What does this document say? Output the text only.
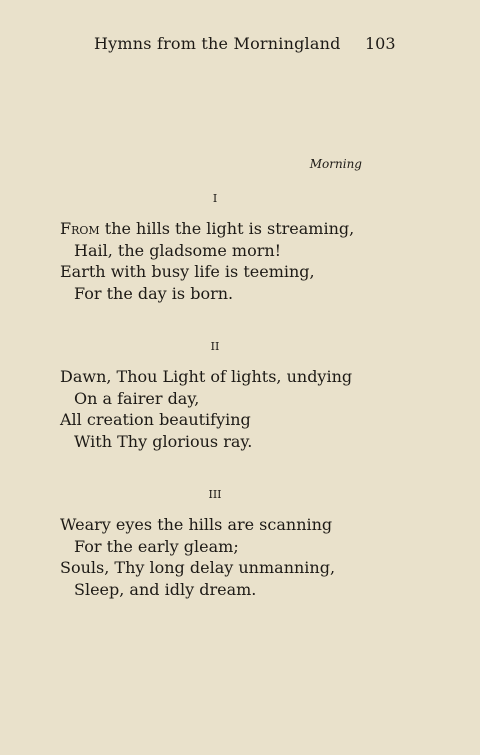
Hymns from the Morningland 103
Morning
I
From the hills the light is streaming,
Hail, the gladsome morn!
Earth with busy life is teeming,
For the day is born.
II
Dawn, Thou Light of lights, undying
On a fairer day,
All creation beautifying
With Thy glorious ray.
III
Weary eyes the hills are scanning
For the early gleam;
Souls, Thy long delay unmanning,
Sleep, and idly dream.
